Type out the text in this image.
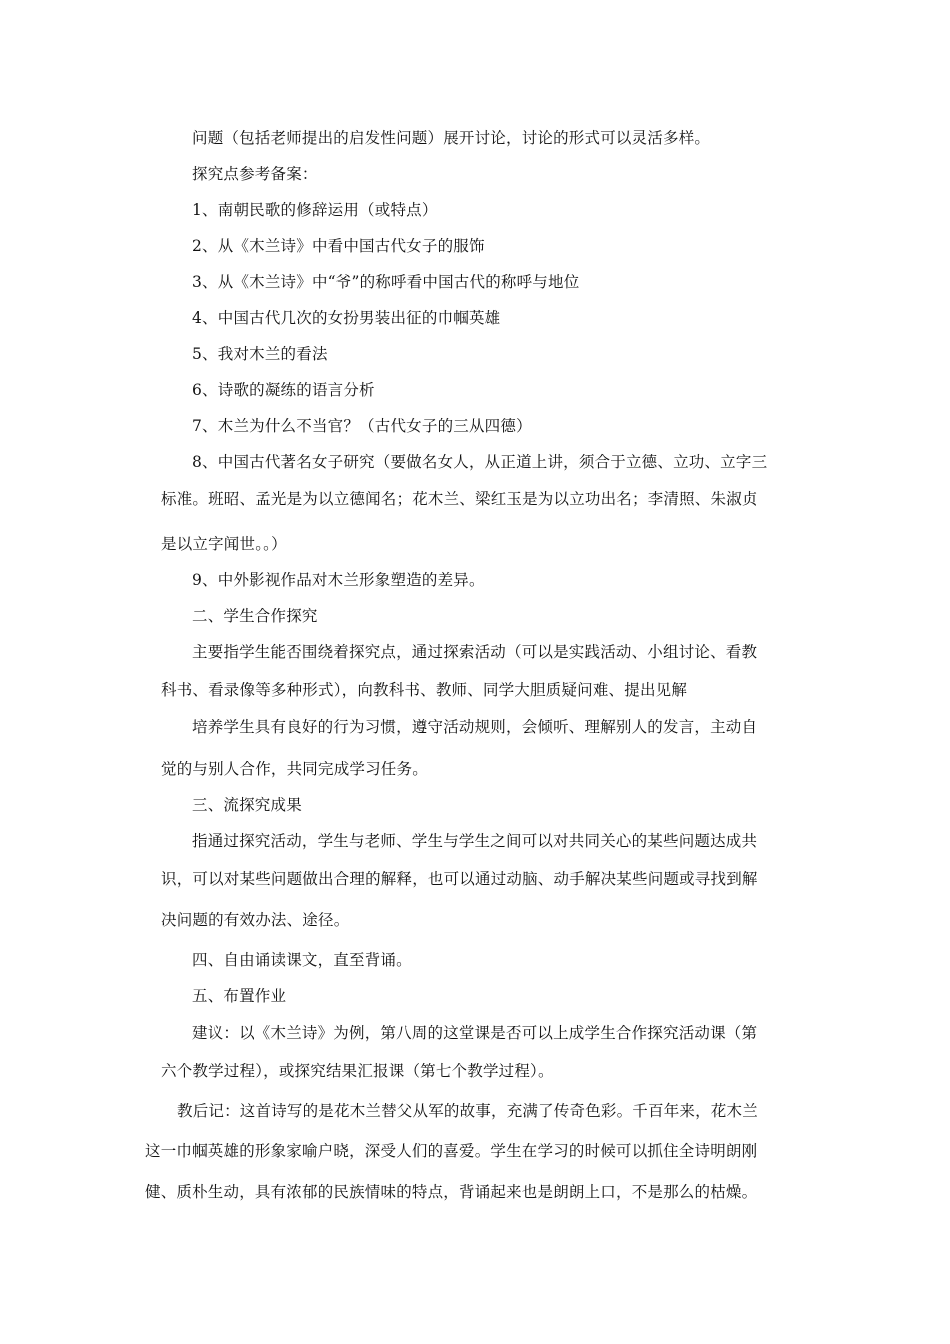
问题（包括老师提出的启发性问题）展开讨论，讨论的形式可以灵活多样。

探究点参考备案：

1、南朝民歌的修辞运用（或特点）

2、从《木兰诗》中看中国古代女子的服饰

3、从《木兰诗》中“爷”的称呼看中国古代的称呼与地位

4、中国古代几次的女扮男装出征的巾帼英雄

5、我对木兰的看法

6、诗歌的凝练的语言分析

7、木兰为什么不当官？（古代女子的三从四德）

8、中国古代著名女子研究（要做名女人，从正道上讲，须合于立德、立功、立字三

标准。班昭、孟光是为以立德闻名；花木兰、梁红玉是为以立功出名；李清照、朱淑贞

是以立字闻世。。）

9、中外影视作品对木兰形象塑造的差异。

二、学生合作探究

主要指学生能否围绕着探究点，通过探索活动（可以是实践活动、小组讨论、看教

科书、看录像等多种形式），向教科书、教师、同学大胆质疑问难、提出见解

培养学生具有良好的行为习惯，遵守活动规则，会倾听、理解别人的发言，主动自

觉的与别人合作，共同完成学习任务。

三、流探究成果

指通过探究活动，学生与老师、学生与学生之间可以对共同关心的某些问题达成共

识，可以对某些问题做出合理的解释，也可以通过动脑、动手解决某些问题或寻找到解

决问题的有效办法、途径。

四、自由诵读课文，直至背诵。

五、布置作业

建议：以《木兰诗》为例，第八周的这堂课是否可以上成学生合作探究活动课（第

六个教学过程），或探究结果汇报课（第七个教学过程）。

教后记：这首诗写的是花木兰替父从军的故事，充满了传奇色彩。千百年来，花木兰

这一巾帼英雄的形象家喻户晓，深受人们的喜爱。学生在学习的时候可以抓住全诗明朗刚

健、质朴生动，具有浓郁的民族情味的特点，背诵起来也是朗朗上口，不是那么的枯燥。
